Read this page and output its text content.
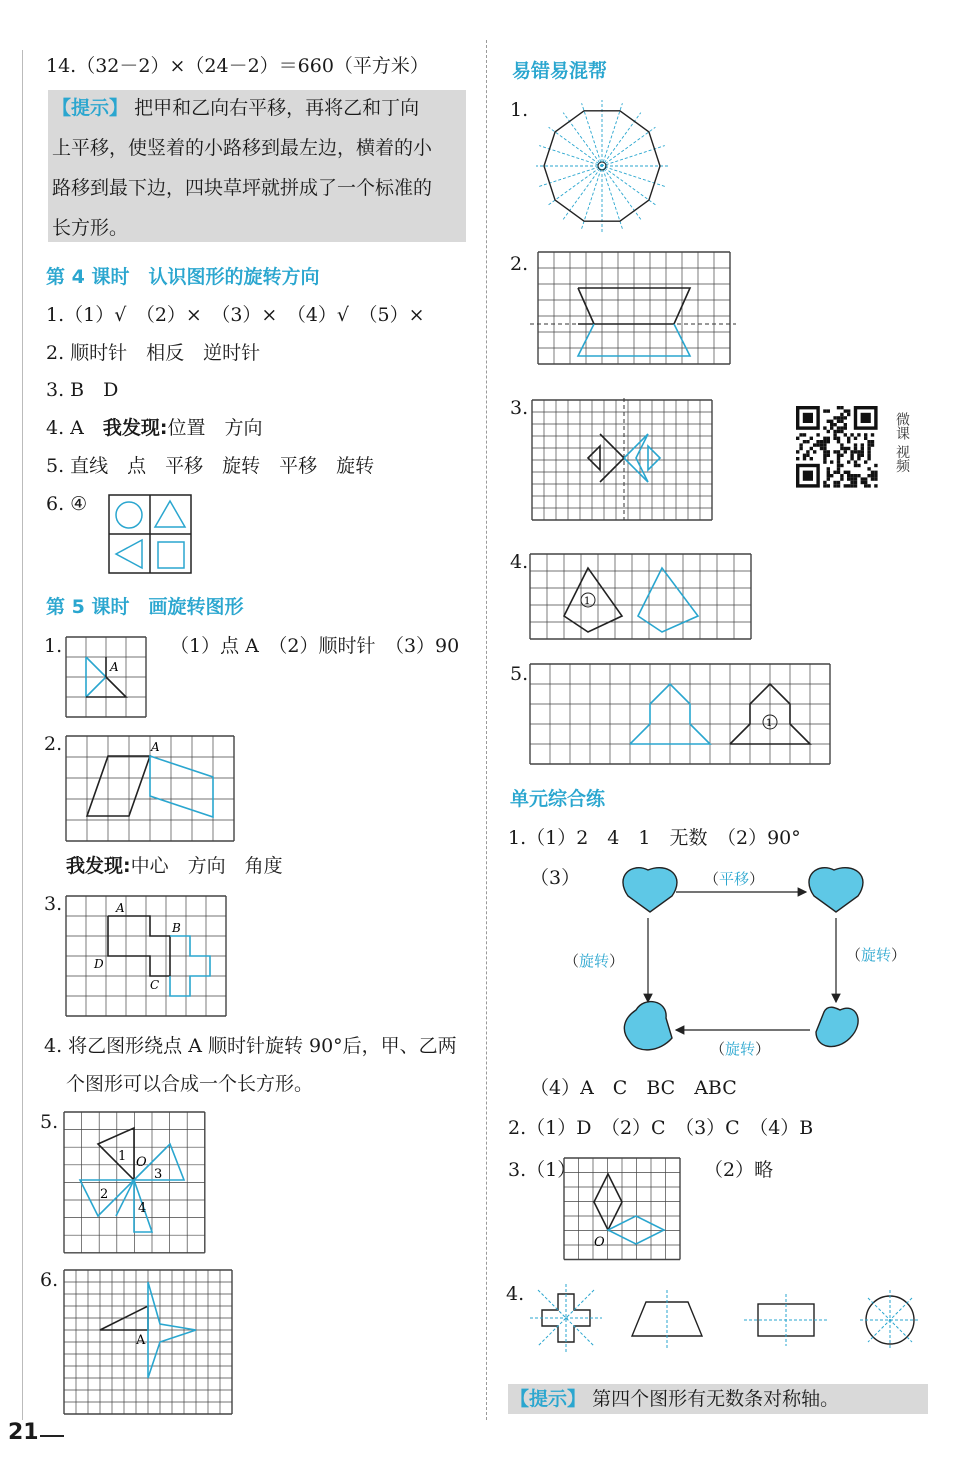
14.（32－2）×（24－2）＝660（平方米）
【提示】 把甲和乙向右平移，再将乙和丁向
上平移，使竖着的小路移到最左边，横着的小
路移到最下边，四块草坪就拼成了一个标准的
长方形。
第 4 课时　认识图形的旋转方向
1.（1）√　（2）×　（3）×　（4）√　（5）×
2. 顺时针　相反　逆时针
3. B　D
4. A　我发现:位置　方向
5. 直线　点　平移　旋转　平移　旋转
6. ④
第 5 课时　画旋转图形
1.
A
（1）点 A　（2）顺时针　（3）90
2.	A
我发现:中心　方向　角度
3.	A
B
D
C
4. 将乙图形绕点 A 顺时针旋转 90°后，甲、乙两
个图形可以合成一个长方形。
5.
1 O
3
2
4
6.
A
21
易错易混帮
1.
2.
3.
微课 视频
4.
1
5.
1
单元综合练
1.（1）2　4　1　无数　（2）90°
（3）	（平移）
（旋转）	（旋转）
（旋转）
（4）A　C　BC　ABC
2.（1）D　（2）C　（3）C　（4）B
3.（1）
O
（2）略
4.
【提示】 第四个图形有无数条对称轴。
